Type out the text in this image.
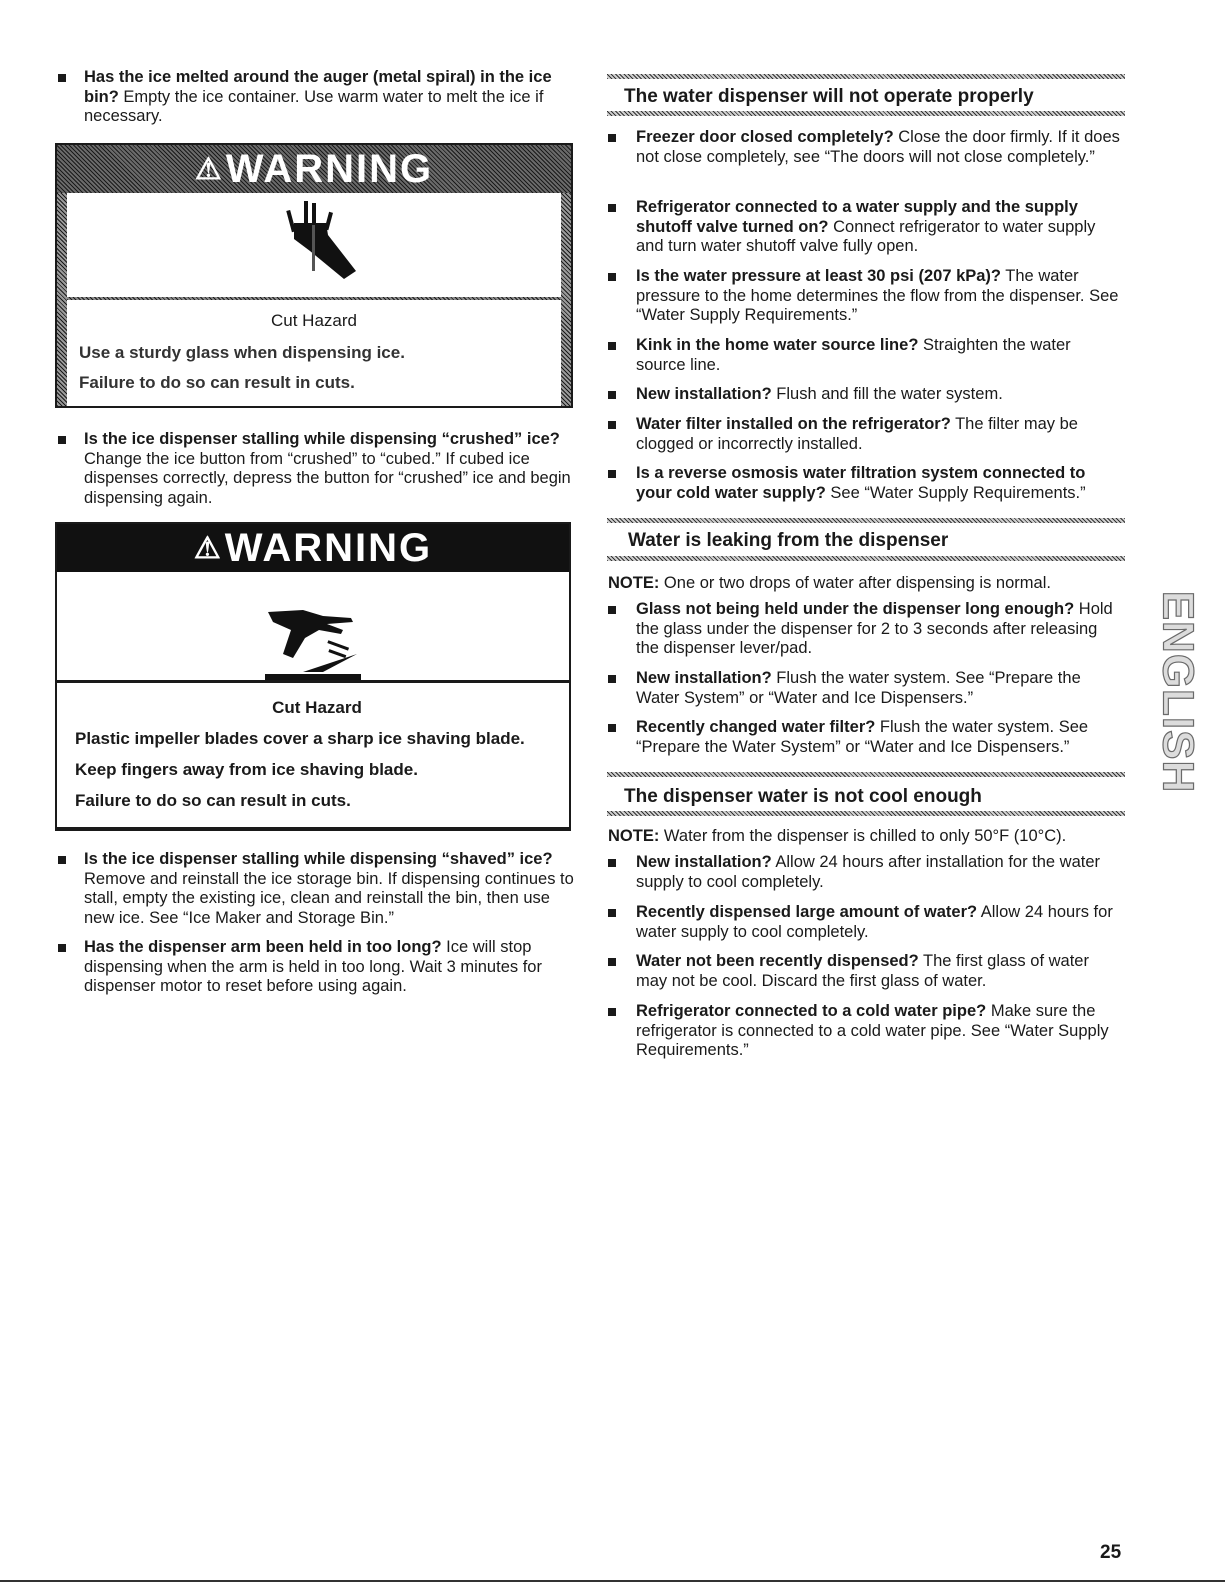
Has the ice melted around the auger (metal spiral) in the ice bin? Empty the ice container. Use warm water to melt the ice if necessary.
⚠ WARNING
Cut Hazard
Use a sturdy glass when dispensing ice.
Failure to do so can result in cuts.
Is the ice dispenser stalling while dispensing “crushed” ice? Change the ice button from “crushed” to “cubed.” If cubed ice dispenses correctly, depress the button for “crushed” ice and begin dispensing again.
⚠ WARNING
Cut Hazard
Plastic impeller blades cover a sharp ice shaving blade.
Keep fingers away from ice shaving blade.
Failure to do so can result in cuts.
Is the ice dispenser stalling while dispensing “shaved” ice? Remove and reinstall the ice storage bin. If dispensing continues to stall, empty the existing ice, clean and reinstall the bin, then use new ice. See “Ice Maker and Storage Bin.”
Has the dispenser arm been held in too long? Ice will stop dispensing when the arm is held in too long. Wait 3 minutes for dispenser motor to reset before using again.
The water dispenser will not operate properly
Freezer door closed completely? Close the door firmly. If it does not close completely, see “The doors will not close completely.”
Refrigerator connected to a water supply and the supply shutoff valve turned on? Connect refrigerator to water supply and turn water shutoff valve fully open.
Is the water pressure at least 30 psi (207 kPa)? The water pressure to the home determines the flow from the dispenser. See “Water Supply Requirements.”
Kink in the home water source line? Straighten the water source line.
New installation? Flush and fill the water system.
Water filter installed on the refrigerator? The filter may be clogged or incorrectly installed.
Is a reverse osmosis water filtration system connected to your cold water supply? See “Water Supply Requirements.”
Water is leaking from the dispenser
NOTE: One or two drops of water after dispensing is normal.
Glass not being held under the dispenser long enough? Hold the glass under the dispenser for 2 to 3 seconds after releasing the dispenser lever/pad.
New installation? Flush the water system. See “Prepare the Water System” or “Water and Ice Dispensers.”
Recently changed water filter? Flush the water system. See “Prepare the Water System” or “Water and Ice Dispensers.”
The dispenser water is not cool enough
NOTE: Water from the dispenser is chilled to only 50°F (10°C).
New installation? Allow 24 hours after installation for the water supply to cool completely.
Recently dispensed large amount of water? Allow 24 hours for water supply to cool completely.
Water not been recently dispensed? The first glass of water may not be cool. Discard the first glass of water.
Refrigerator connected to a cold water pipe? Make sure the refrigerator is connected to a cold water pipe. See “Water Supply Requirements.”
ENGLISH
25
